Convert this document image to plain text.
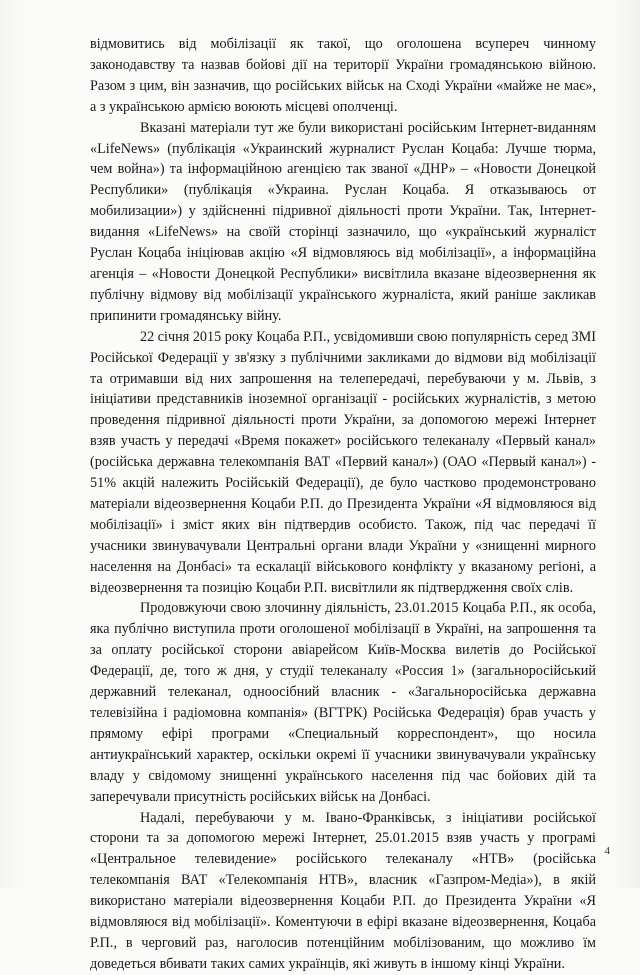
відмовитись від мобілізації як такої, що оголошена всупереч чинному законодавству та назвав бойові дії на території України громадянською війною. Разом з цим, він зазначив, що російських військ на Сході України «майже не має», а з українською армією воюють місцеві ополченці.

Вказані матеріали тут же були використані російським Інтернет-виданням «LifeNews» (публікація «Украинский журналист Руслан Коцаба: Лучше тюрма, чем война») та інформаційною агенцією так званої «ДНР» – «Новости Донецкой Республики» (публікація «Украина. Руслан Коцаба. Я отказываюсь от мобилизации») у здійсненні підривної діяльності проти України. Так, Інтернет-видання «LifeNews» на своїй сторінці зазначило, що «український журналіст Руслан Коцаба ініціював акцію «Я відмовляюсь від мобілізації», а інформаційна агенція – «Новости Донецкой Республики» висвітлила вказане відеозвернення як публічну відмову від мобілізації українського журналіста, який раніше закликав припинити громадянську війну.

22 січня 2015 року Коцаба Р.П., усвідомивши свою популярність серед ЗМІ Російської Федерації у зв'язку з публічними закликами до відмови від мобілізації та отримавши від них запрошення на телепередачі, перебуваючи у м. Львів, з ініціативи представників іноземної організації - російських журналістів, з метою проведення підривної діяльності проти України, за допомогою мережі Інтернет взяв участь у передачі «Время покажет» російського телеканалу «Первый канал» (російська державна телекомпанія ВАТ «Первий канал») (ОАО «Первый канал») - 51% акцій належить Російській Федерації), де було частково продемонстровано матеріали відеозвернення Коцаби Р.П. до Президента України «Я відмовляюся від мобілізації» і зміст яких він підтвердив особисто. Також, під час передачі її учасники звинувачували Центральні органи влади України у «знищенні мирного населення на Донбасі» та ескалації військового конфлікту у вказаному регіоні, а відеозвернення та позицію Коцаби Р.П. висвітлили як підтвердження своїх слів.

Продовжуючи свою злочинну діяльність, 23.01.2015 Коцаба Р.П., як особа, яка публічно виступила проти оголошеної мобілізації в Україні, на запрошення та за оплату російської сторони авіарейсом Київ-Москва вилетів до Російської Федерації, де, того ж дня, у студії телеканалу «Россия 1» (загальноросійський державний телеканал, одноосібний власник - «Загальноросійська державна телевізійна і радіомовна компанія» (ВГТРК) Російська Федерація) брав участь у прямому ефірі програми «Специальный корреспондент», що носила антиукраїнський характер, оскільки окремі її учасники звинувачували українську владу у свідомому знищенні українського населення під час бойових дій та заперечували присутність російських військ на Донбасі.

Надалі, перебуваючи у м. Івано-Франківськ, з ініціативи російської сторони та за допомогою мережі Інтернет, 25.01.2015 взяв участь у програмі «Центральное телевидение» російського телеканалу «НТВ» (російська телекомпанія ВАТ «Телекомпанія НТВ», власник «Газпром-Медіа»), в якій використано матеріали відеозвернення Коцаби Р.П. до Президента України «Я відмовляюся від мобілізації». Коментуючи в ефірі вказане відеозвернення, Коцаба Р.П., в черговий раз, наголосив потенційним мобілізованим, що можливо їм доведеться вбивати таких самих українців, які живуть в іншому кінці України.

4
